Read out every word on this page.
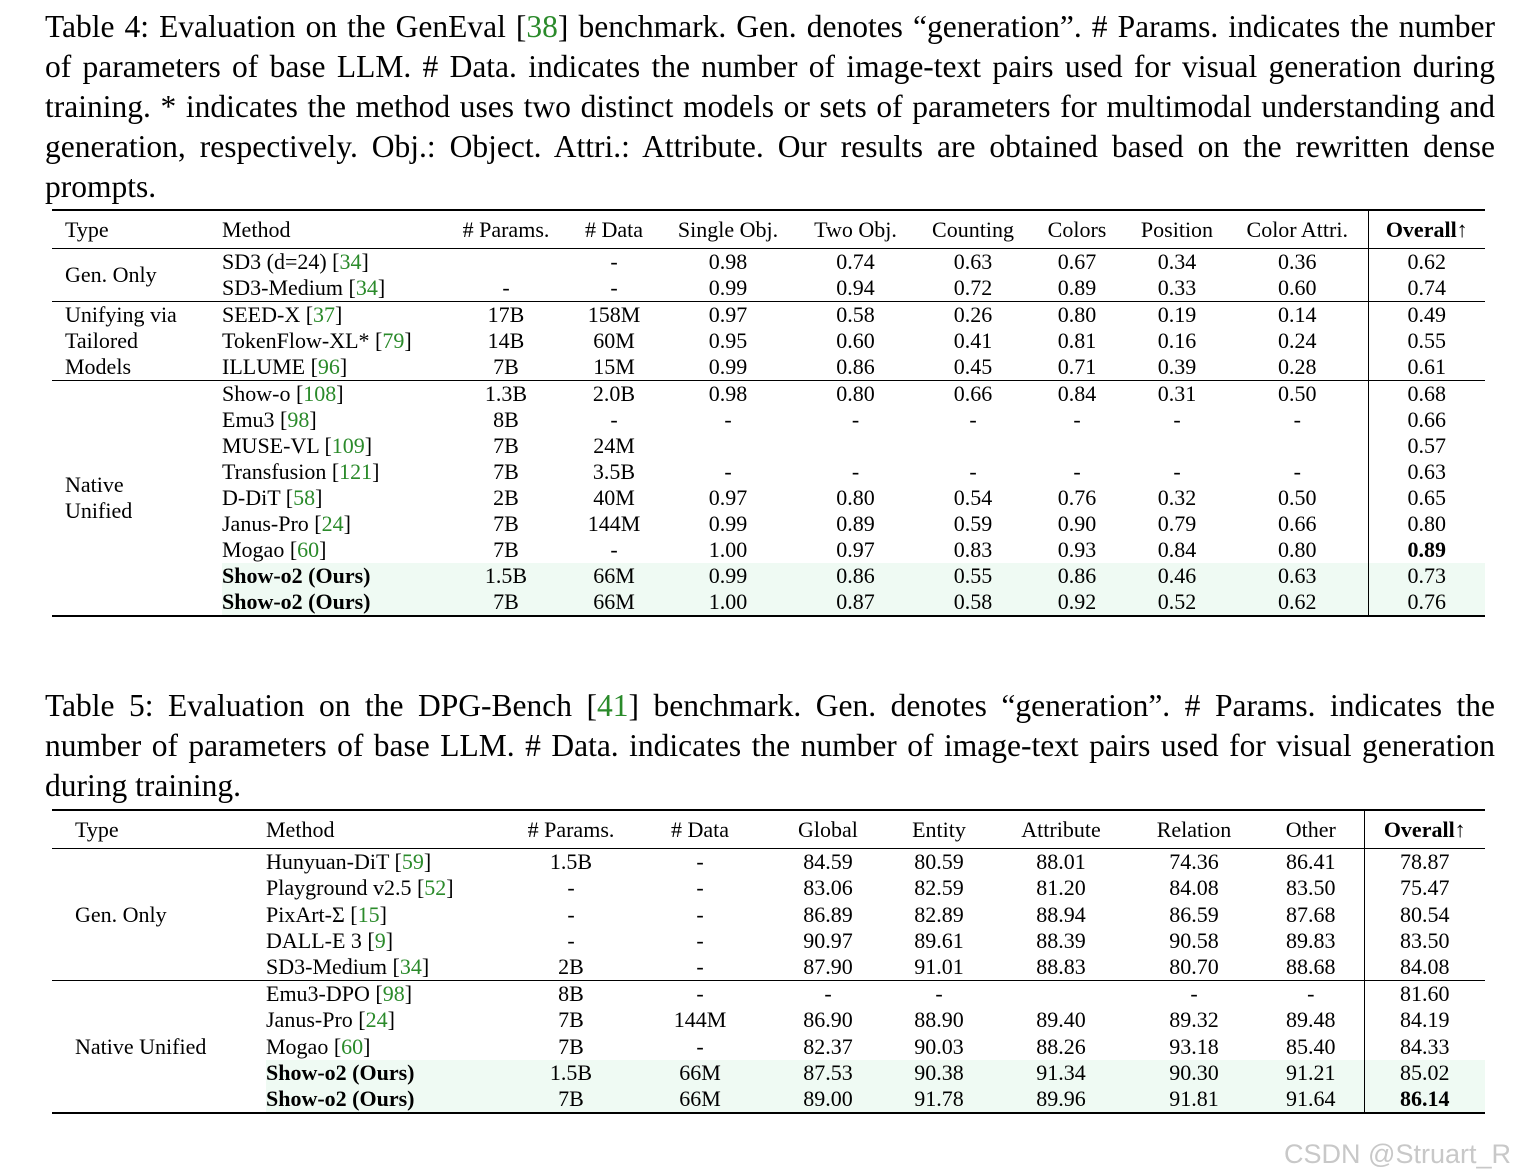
Table 4: Evaluation on the GenEval [38] benchmark. Gen. denotes “generation”. # Params. indicates the number of parameters of base LLM. # Data. indicates the number of image-text pairs used for visual generation during training. * indicates the method uses two distinct models or sets of parameters for multimodal understanding and generation, respectively. Obj.: Object. Attri.: Attribute. Our results are obtained based on the rewritten dense prompts.
Type	Method	# Params.	# Data	Single Obj.	Two Obj.	Counting	Colors	Position	Color Attri.	Overall↑

Gen. Only	SD3 (d=24) [34]		-	0.98	0.74	0.63	0.67	0.34	0.36	0.62
	SD3-Medium [34]	-	-	0.99	0.94	0.72	0.89	0.33	0.60	0.74

Unifying via Tailored Models	SEED-X [37]	17B	158M	0.97	0.58	0.26	0.80	0.19	0.14	0.49
	TokenFlow-XL* [79]	14B	60M	0.95	0.60	0.41	0.81	0.16	0.24	0.55
	ILLUME [96]	7B	15M	0.99	0.86	0.45	0.71	0.39	0.28	0.61

Native Unified	Show-o [108]	1.3B	2.0B	0.98	0.80	0.66	0.84	0.31	0.50	0.68
	Emu3 [98]	8B	-	-	-	-	-	-	-	0.66
	MUSE-VL [109]	7B	24M							0.57
	Transfusion [121]	7B	3.5B	-	-	-	-	-	-	0.63
	D-DiT [58]	2B	40M	0.97	0.80	0.54	0.76	0.32	0.50	0.65
	Janus-Pro [24]	7B	144M	0.99	0.89	0.59	0.90	0.79	0.66	0.80
	Mogao [60]	7B	-	1.00	0.97	0.83	0.93	0.84	0.80	0.89
	Show-o2 (Ours)	1.5B	66M	0.99	0.86	0.55	0.86	0.46	0.63	0.73
	Show-o2 (Ours)	7B	66M	1.00	0.87	0.58	0.92	0.52	0.62	0.76
Table 5: Evaluation on the DPG-Bench [41] benchmark. Gen. denotes “generation”. # Params. indicates the number of parameters of base LLM. # Data. indicates the number of image-text pairs used for visual generation during training.
Type	Method	# Params.	# Data	Global	Entity	Attribute	Relation	Other	Overall↑
Gen. Only	Hunyuan-DiT [59]	1.5B	-	84.59	80.59	88.01	74.36	86.41	78.87
	Playground v2.5 [52]	-	-	83.06	82.59	81.20	84.08	83.50	75.47
	PixArt-Σ [15]	-	-	86.89	82.89	88.94	86.59	87.68	80.54
	DALL-E 3 [9]	-	-	90.97	89.61	88.39	90.58	89.83	83.50
	SD3-Medium [34]	2B	-	87.90	91.01	88.83	80.70	88.68	84.08
Native Unified	Emu3-DPO [98]	8B	-	-	-		-	-	81.60
	Janus-Pro [24]	7B	144M	86.90	88.90	89.40	89.32	89.48	84.19
	Mogao [60]	7B	-	82.37	90.03	88.26	93.18	85.40	84.33
	Show-o2 (Ours)	1.5B	66M	87.53	90.38	91.34	90.30	91.21	85.02
	Show-o2 (Ours)	7B	66M	89.00	91.78	89.96	91.81	91.64	86.14
CSDN @Struart_R
